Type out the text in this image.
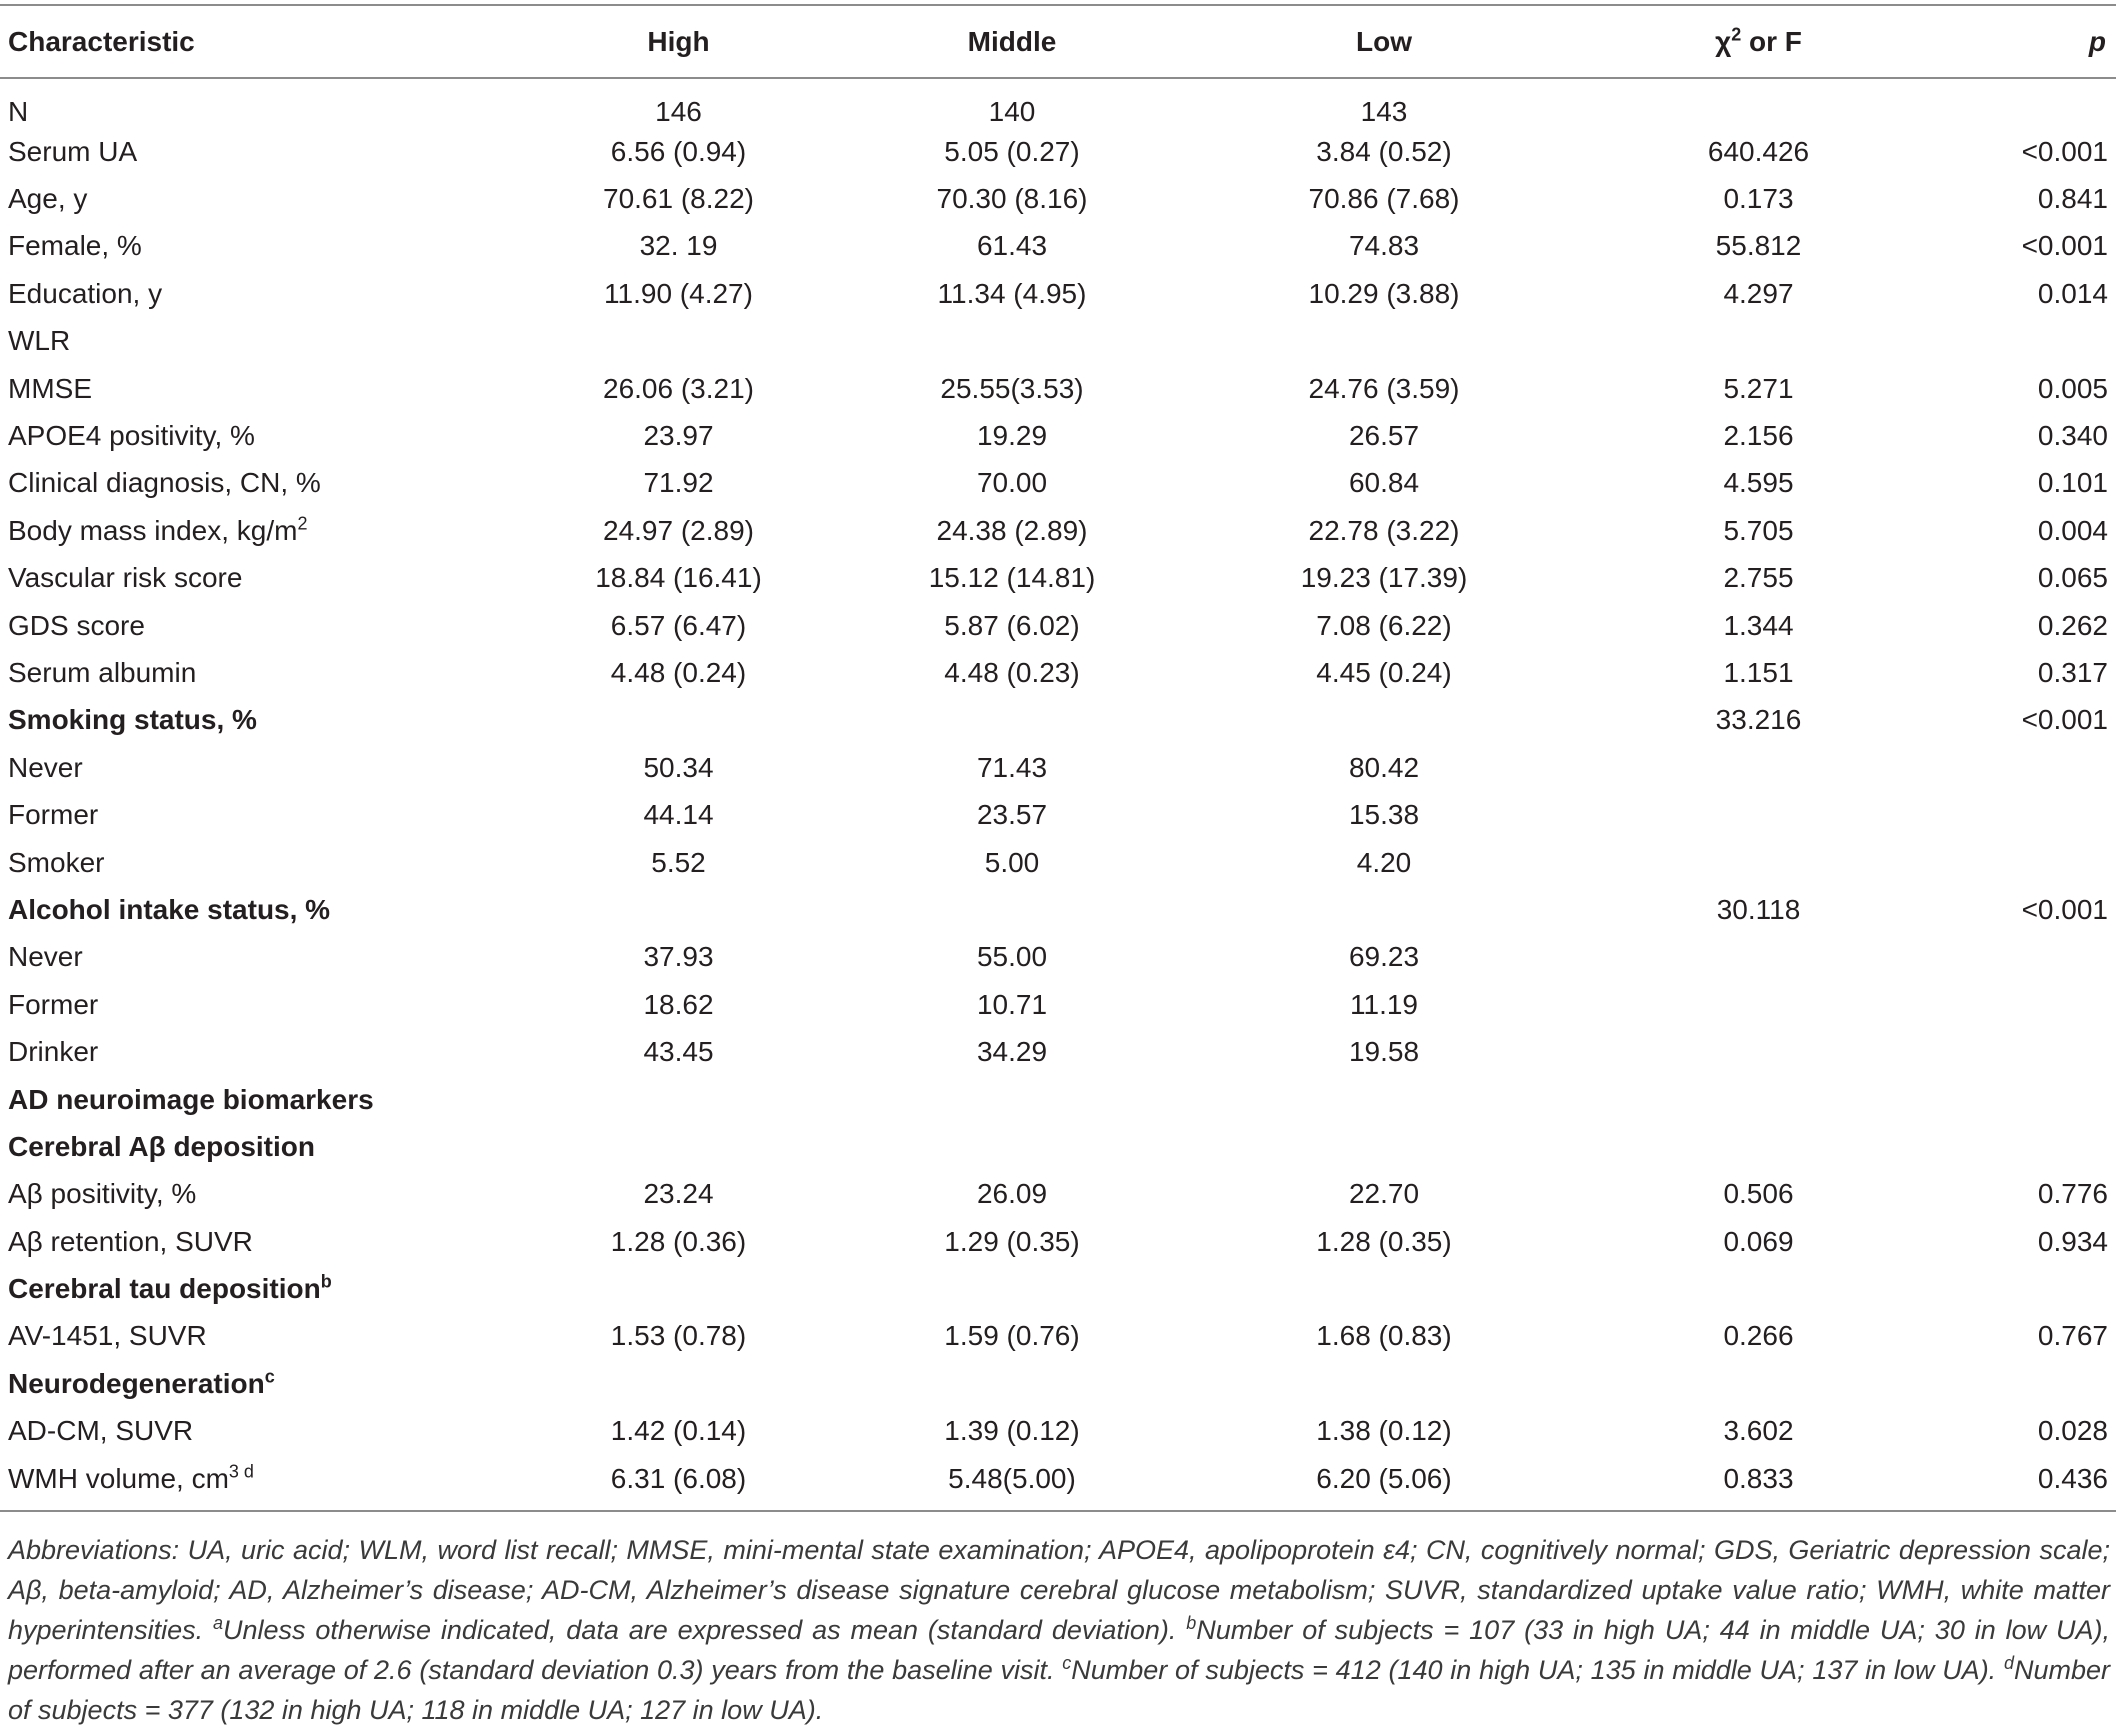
Characteristic	High	Middle	Low	$\chi^2$ or F	p
N	146	140	143		
Serum UA	6.56 (0.94)	5.05 (0.27)	3.84 (0.52)	640.426	<0.001
Age, y	70.61 (8.22)	70.30 (8.16)	70.86 (7.68)	0.173	0.841
Female, %	32. 19	61.43	74.83	55.812	<0.001
Education, y	11.90 (4.27)	11.34 (4.95)	10.29 (3.88)	4.297	0.014
WLR					
MMSE	26.06 (3.21)	25.55(3.53)	24.76 (3.59)	5.271	0.005
APOE4 positivity, %	23.97	19.29	26.57	2.156	0.340
Clinical diagnosis, CN, %	71.92	70.00	60.84	4.595	0.101
Body mass index, $kg/m^2$	24.97 (2.89)	24.38 (2.89)	22.78 (3.22)	5.705	0.004
Vascular risk score	18.84 (16.41)	15.12 (14.81)	19.23 (17.39)	2.755	0.065
GDS score	6.57 (6.47)	5.87 (6.02)	7.08 (6.22)	1.344	0.262
Serum albumin	4.48 (0.24)	4.48 (0.23)	4.45 (0.24)	1.151	0.317
Smoking status, %				33.216	<0.001
Never	50.34	71.43	80.42		
Former	44.14	23.57	15.38		
Smoker	5.52	5.00	4.20		
Alcohol intake status, %				30.118	<0.001
Never	37.93	55.00	69.23		
Former	18.62	10.71	11.19		
Drinker	43.45	34.29	19.58		
AD neuroimage biomarkers					
Cerebral Aβ deposition					
Aβ positivity, %	23.24	26.09	22.70	0.506	0.776
Aβ retention, SUVR	1.28 (0.36)	1.29 (0.35)	1.28 (0.35)	0.069	0.934
Cerebral tau deposition$^b$					
AV-1451, SUVR	1.53 (0.78)	1.59 (0.76)	1.68 (0.83)	0.266	0.767
Neurodegeneration$^c$					
AD-CM, SUVR	1.42 (0.14)	1.39 (0.12)	1.38 (0.12)	3.602	0.028
WMH volume, $cm^{3 d}$	6.31 (6.08)	5.48(5.00)	6.20 (5.06)	0.833	0.436
Abbreviations: UA, uric acid; WLM, word list recall; MMSE, mini-mental state examination; APOE4, apolipoprotein ε4; CN, cognitively normal; GDS, Geriatric depression scale; Aβ, beta-amyloid; AD, Alzheimer’s disease; AD-CM, Alzheimer’s disease signature cerebral glucose metabolism; SUVR, standardized uptake value ratio; WMH, white matter hyperintensities. $^a$Unless otherwise indicated, data are expressed as mean (standard deviation). $^b$Number of subjects = 107 (33 in high UA; 44 in middle UA; 30 in low UA), performed after an average of 2.6 (standard deviation 0.3) years from the baseline visit. $^c$Number of subjects = 412 (140 in high UA; 135 in middle UA; 137 in low UA). $^d$Number of subjects = 377 (132 in high UA; 118 in middle UA; 127 in low UA).
